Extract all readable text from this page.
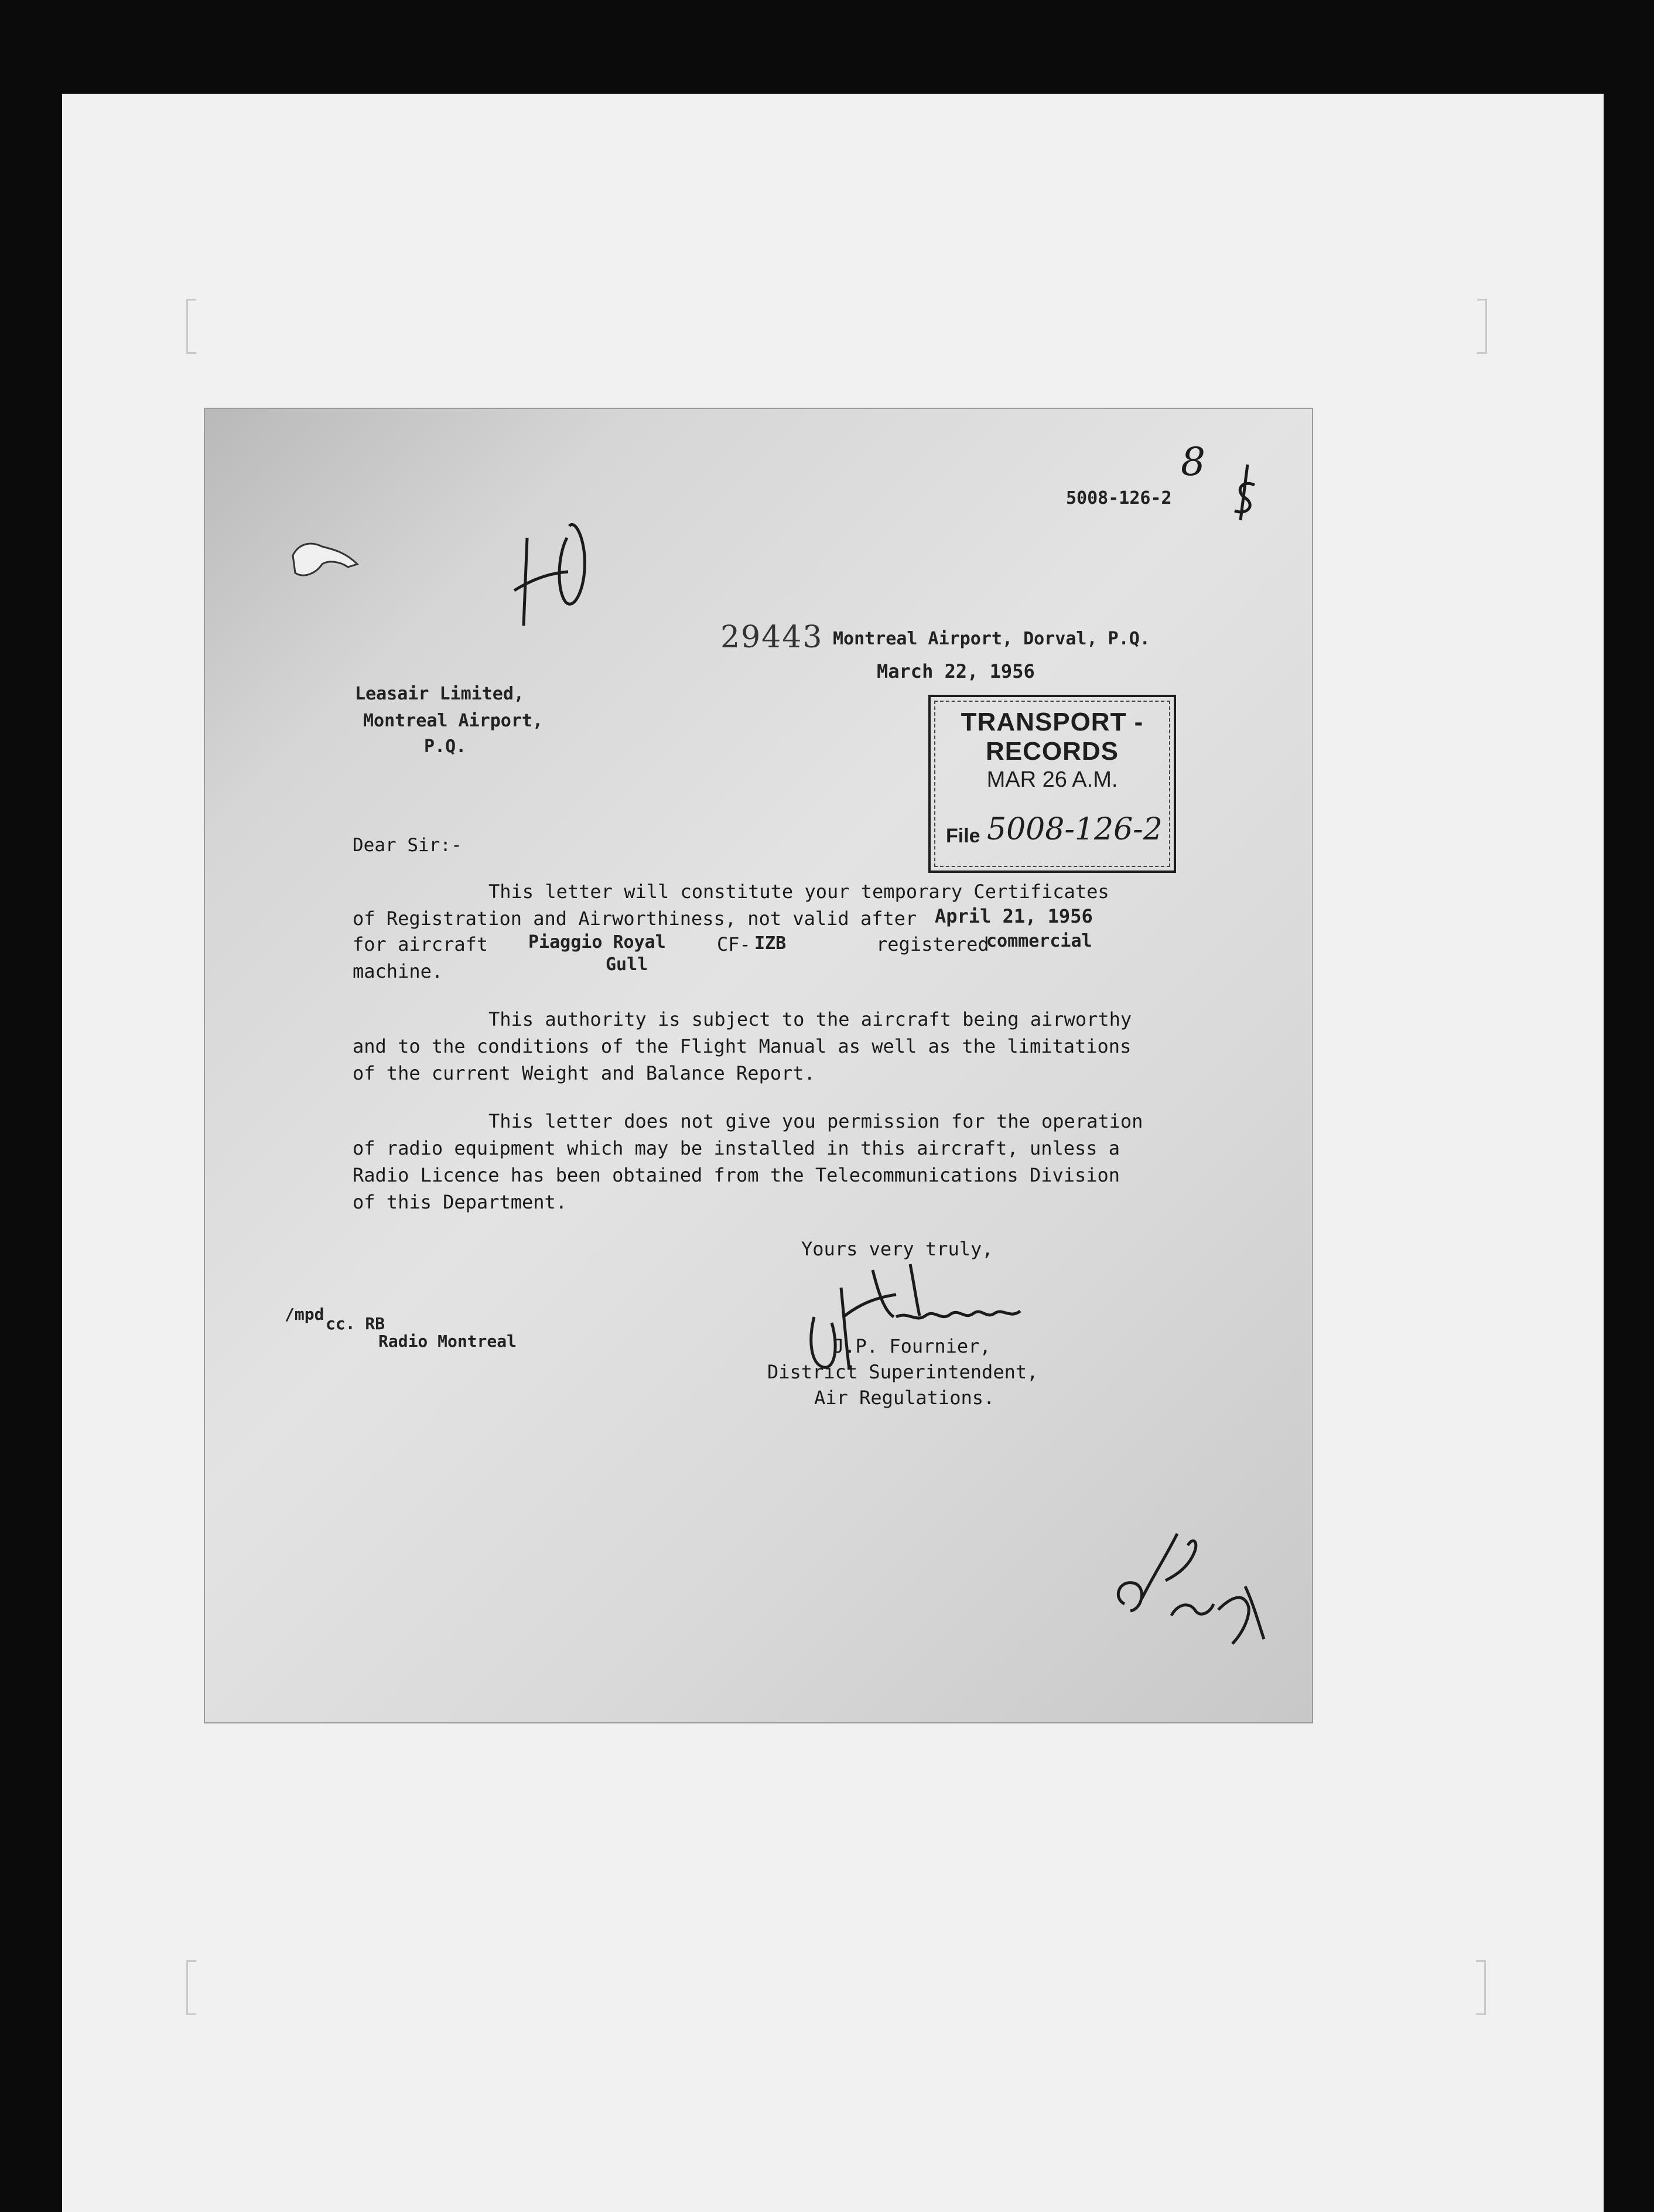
5008-126-2
8
29443 Montreal Airport, Dorval, P.Q.
March 22, 1956
Leasair Limited,
Montreal Airport,
P.Q.
TRANSPORT - RECORDS
MAR 26 A.M.
File 5008-126-2
Dear Sir:-
This letter will constitute your temporary Certificates
of Registration and Airworthiness, not valid after April 21, 1956
for aircraft Piaggio Royal
Gull
CF- IZB	registered
commercial
machine.
This authority is subject to the aircraft being airworthy
and to the conditions of the Flight Manual as well as the limitations
of the current Weight and Balance Report.
This letter does not give you permission for the operation
of radio equipment which may be installed in this aircraft, unless a
Radio Licence has been obtained from the Telecommunications Division
of this Department.
Yours very truly,
J.P. Fournier,
District Superintendent,
Air Regulations.
/mpd cc. RB
Radio Montreal
